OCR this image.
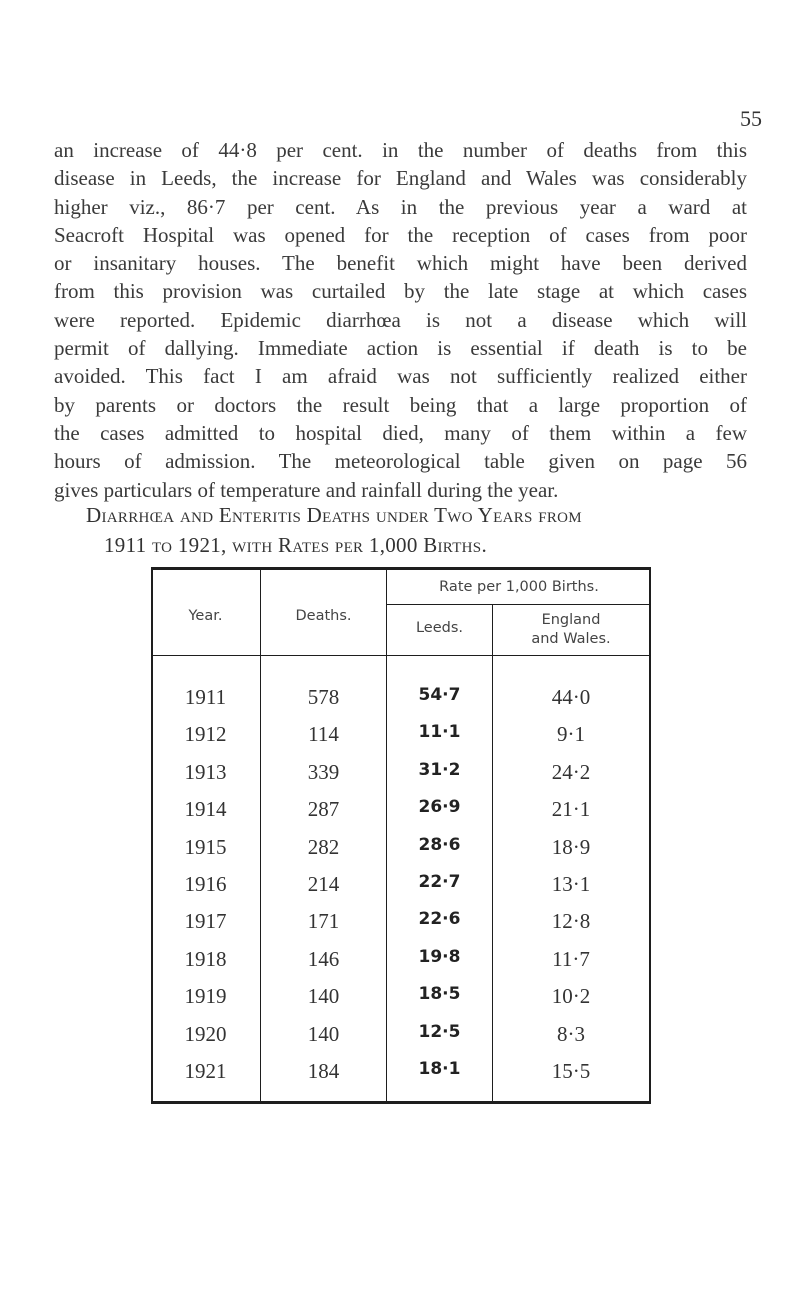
55
an increase of 44·8 per cent. in the number of deaths from this
disease in Leeds, the increase for England and Wales was considerably
higher viz., 86·7 per cent. As in the previous year a ward at
Seacroft Hospital was opened for the reception of cases from poor
or insanitary houses. The benefit which might have been derived
from this provision was curtailed by the late stage at which cases
were reported. Epidemic diarrhœa is not a disease which will
permit of dallying. Immediate action is essential if death is to be
avoided. This fact I am afraid was not sufficiently realized either
by parents or doctors the result being that a large proportion of
the cases admitted to hospital died, many of them within a few
hours of admission. The meteorological table given on page 56
gives particulars of temperature and rainfall during the year.
Diarrhœa and Enteritis Deaths under Two Years from
1911 to 1921, with Rates per 1,000 Births.
Year.	Deaths.
Rate per 1,000 Births.
Leeds.	England
and Wales.
1911	578	54·7	44·0
1912	114	11·1	9·1
1913	339	31·2	24·2
1914	287	26·9	21·1
1915	282	28·6	18·9
1916	214	22·7	13·1
1917	171	22·6	12·8
1918	146	19·8	11·7
1919	140	18·5	10·2
1920	140	12·5	8·3
1921	184	18·1	15·5
